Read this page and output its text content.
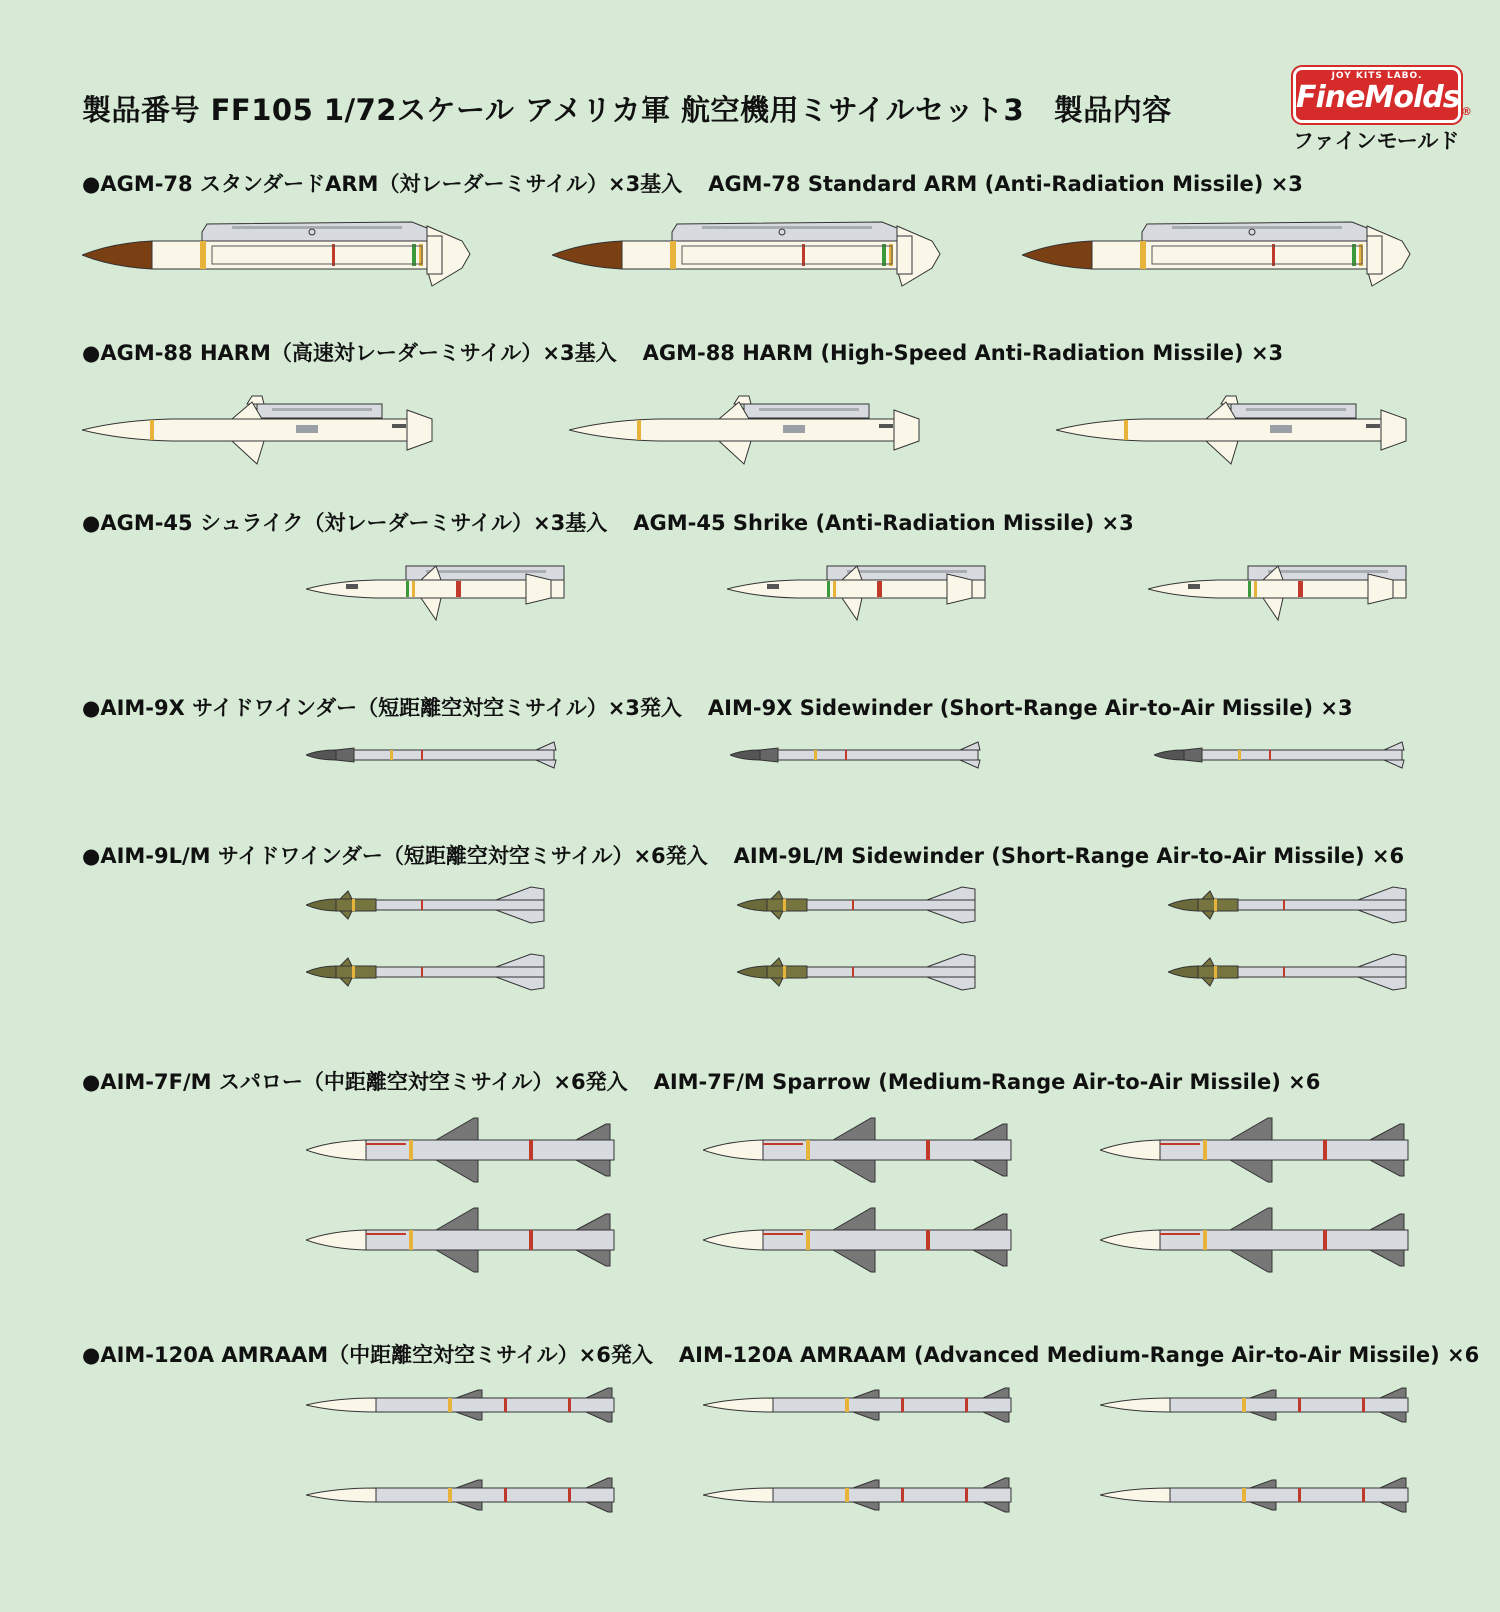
製品番号 FF105 1/72スケール アメリカ軍 航空機用ミサイルセット3　製品内容
JOY KITS LABO.
FineMolds ®
ファインモールド
●AGM-78 スタンダードARM（対レーダーミサイル）×3基入 AGM-78 Standard ARM (Anti-Radiation Missile) ×3
●AGM-88 HARM（高速対レーダーミサイル）×3基入 AGM-88 HARM (High-Speed Anti-Radiation Missile) ×3
●AGM-45 シュライク（対レーダーミサイル）×3基入 AGM-45 Shrike (Anti-Radiation Missile) ×3
●AIM-9X サイドワインダー（短距離空対空ミサイル）×3発入 AIM-9X Sidewinder (Short-Range Air-to-Air Missile) ×3
●AIM-9L/M サイドワインダー（短距離空対空ミサイル）×6発入 AIM-9L/M Sidewinder (Short-Range Air-to-Air Missile) ×6
●AIM-7F/M スパロー（中距離空対空ミサイル）×6発入 AIM-7F/M Sparrow (Medium-Range Air-to-Air Missile) ×6
●AIM-120A AMRAAM（中距離空対空ミサイル）×6発入 AIM-120A AMRAAM (Advanced Medium-Range Air-to-Air Missile) ×6
